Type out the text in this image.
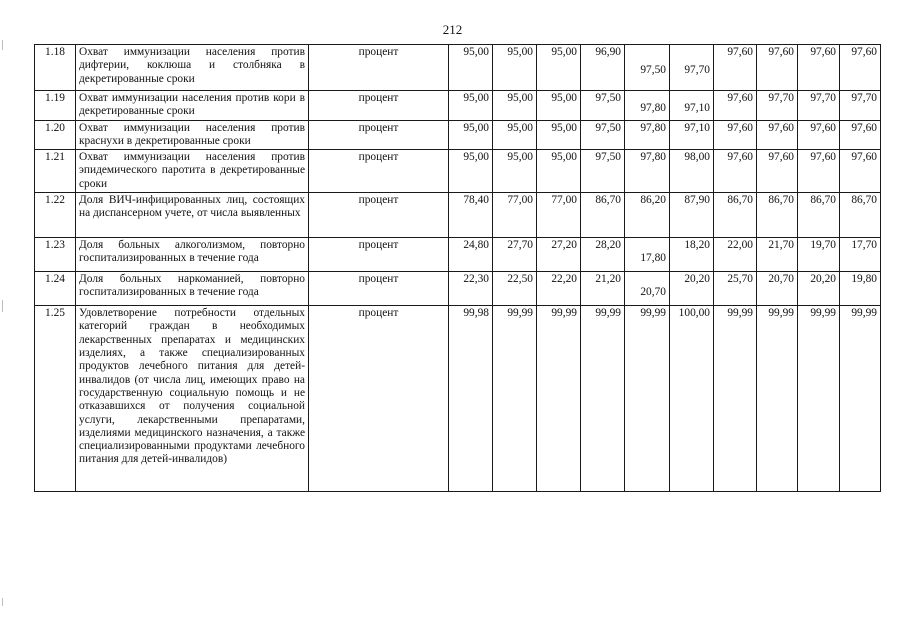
212
1.18	Охват иммунизации населения против дифтерии, коклюша и столбняка в декретированные сроки	процент	95,00	95,00	95,00	96,90	97,50	97,70	97,60	97,60	97,60	97,60
1.19	Охват иммунизации населения против кори в декретированные сроки	процент	95,00	95,00	95,00	97,50	97,80	97,10	97,60	97,70	97,70	97,70
1.20	Охват иммунизации населения против краснухи в декретированные сроки	процент	95,00	95,00	95,00	97,50	97,80	97,10	97,60	97,60	97,60	97,60
1.21	Охват иммунизации населения против эпидемического паротита в декретированные сроки	процент	95,00	95,00	95,00	97,50	97,80	98,00	97,60	97,60	97,60	97,60
1.22	Доля ВИЧ-инфицированных лиц, состоящих на диспансерном учете, от числа выявленных	процент	78,40	77,00	77,00	86,70	86,20	87,90	86,70	86,70	86,70	86,70
1.23	Доля больных алкоголизмом, повторно госпитализированных в течение года	процент	24,80	27,70	27,20	28,20	17,80	18,20	22,00	21,70	19,70	17,70
1.24	Доля больных наркоманией, повторно госпитализированных в течение года	процент	22,30	22,50	22,20	21,20	20,70	20,20	25,70	20,70	20,20	19,80
1.25	Удовлетворение потребности отдельных категорий граждан в необходимых лекарственных препаратах и медицинских изделиях, а также специализированных продуктов лечебного питания для детей-инвалидов (от числа лиц, имеющих право на государственную социальную помощь и не отказавшихся от получения социальной услуги, лекарственными препаратами, изделиями медицинского назначения, а также специализированными продуктами лечебного питания для детей-инвалидов)	процент	99,98	99,99	99,99	99,99	99,99	100,00	99,99	99,99	99,99	99,99
